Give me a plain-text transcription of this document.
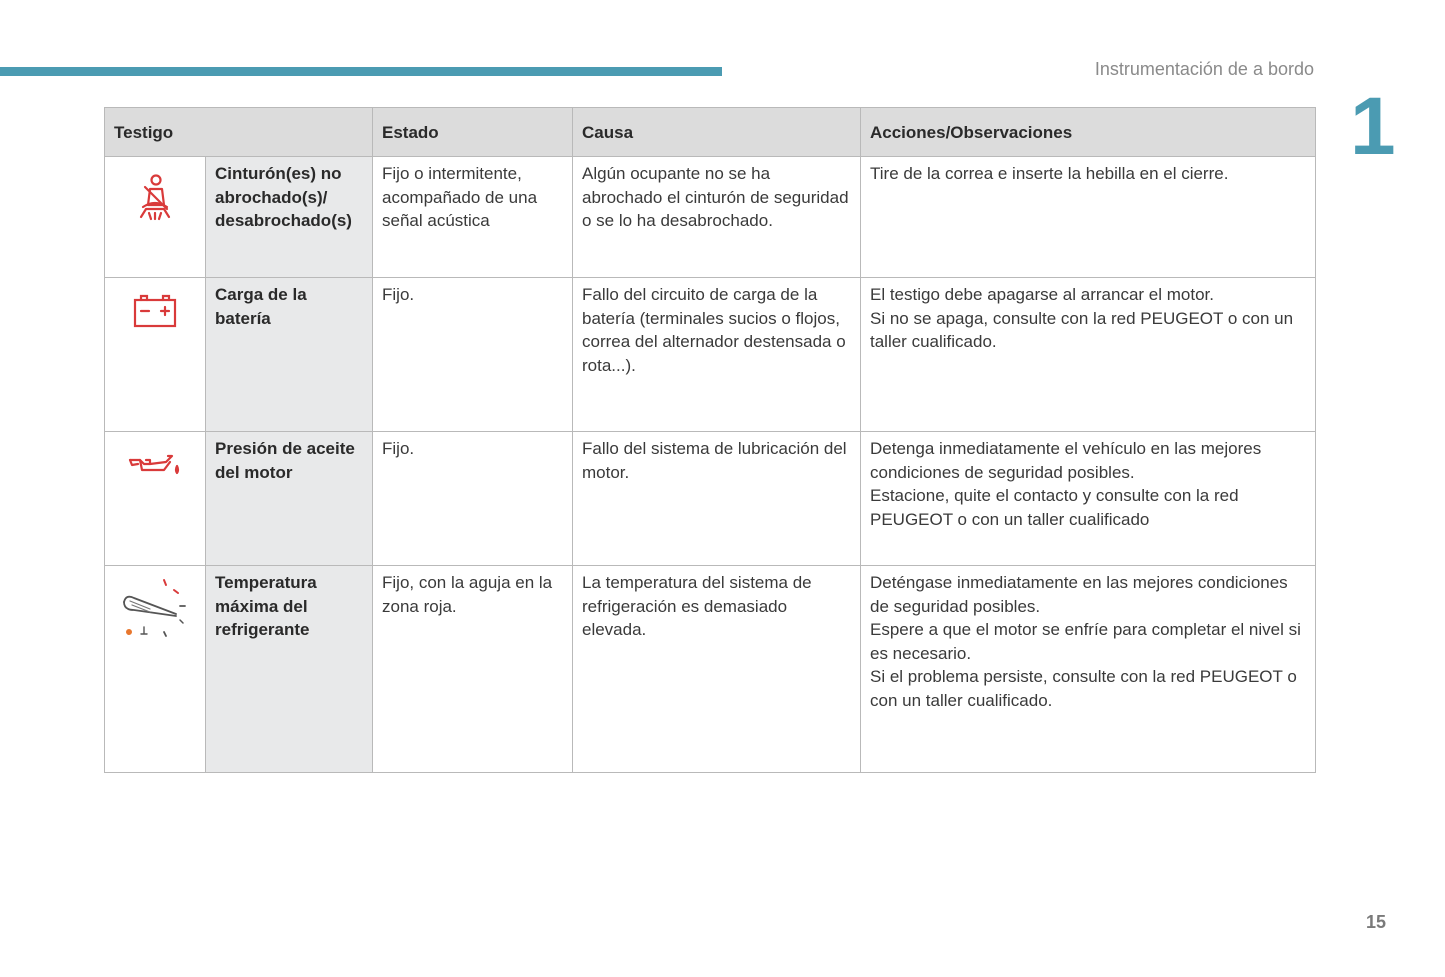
Instrumentación de a bordo
1
Testigo		Estado	Causa	Acciones/Observaciones

	Cinturón(es) no abrochado(s)/ desabrochado(s)	Fijo o intermitente, acompañado de una señal acústica	Algún ocupante no se ha abrochado el cinturón de seguridad o se lo ha desabrochado.	Tire de la correa e inserte la hebilla en el cierre.

	Carga de la batería	Fijo.	Fallo del circuito de carga de la batería (terminales sucios o flojos, correa del alternador destensada o rota...).	El testigo debe apagarse al arrancar el motor.
Si no se apaga, consulte con la red PEUGEOT o con un taller cualificado.

	Presión de aceite del motor	Fijo.	Fallo del sistema de lubricación del motor.	Detenga inmediatamente el vehículo en las mejores condiciones de seguridad posibles.
Estacione, quite el contacto y consulte con la red PEUGEOT o con un taller cualificado

	Temperatura máxima del refrigerante	Fijo, con la aguja en la zona roja.	La temperatura del sistema de refrigeración es demasiado elevada.	Deténgase inmediatamente en las mejores condiciones de seguridad posibles.
Espere a que el motor se enfríe para completar el nivel si es necesario.
Si el problema persiste, consulte con la red PEUGEOT o con un taller cualificado.
15
